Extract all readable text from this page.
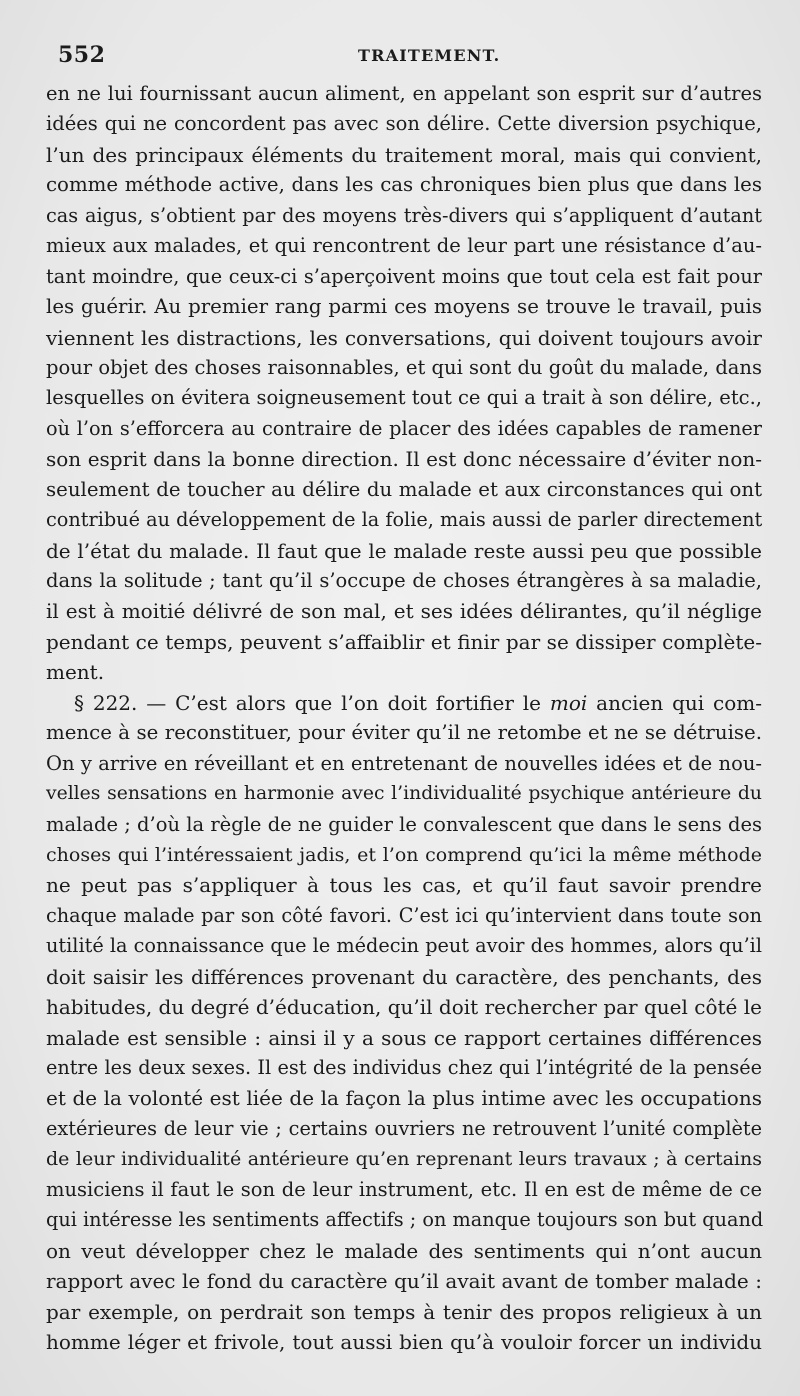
552	TRAITEMENT.
en ne lui fournissant aucun aliment, en appelant son esprit sur d’autres
idées qui ne concordent pas avec son délire. Cette diversion psychique,
l’un des principaux éléments du traitement moral, mais qui convient,
comme méthode active, dans les cas chroniques bien plus que dans les
cas aigus, s’obtient par des moyens très-divers qui s’appliquent d’autant
mieux aux malades, et qui rencontrent de leur part une résistance d’au-
tant moindre, que ceux-ci s’aperçoivent moins que tout cela est fait pour
les guérir. Au premier rang parmi ces moyens se trouve le travail, puis
viennent les distractions, les conversations, qui doivent toujours avoir
pour objet des choses raisonnables, et qui sont du goût du malade, dans
lesquelles on évitera soigneusement tout ce qui a trait à son délire, etc.,
où l’on s’efforcera au contraire de placer des idées capables de ramener
son esprit dans la bonne direction. Il est donc nécessaire d’éviter non-
seulement de toucher au délire du malade et aux circonstances qui ont
contribué au développement de la folie, mais aussi de parler directement
de l’état du malade. Il faut que le malade reste aussi peu que possible
dans la solitude ; tant qu’il s’occupe de choses étrangères à sa maladie,
il est à moitié délivré de son mal, et ses idées délirantes, qu’il néglige
pendant ce temps, peuvent s’affaiblir et finir par se dissiper complète-
ment.
§ 222. — C’est alors que l’on doit fortifier le moi ancien qui com-
mence à se reconstituer, pour éviter qu’il ne retombe et ne se détruise.
On y arrive en réveillant et en entretenant de nouvelles idées et de nou-
velles sensations en harmonie avec l’individualité psychique antérieure du
malade ; d’où la règle de ne guider le convalescent que dans le sens des
choses qui l’intéressaient jadis, et l’on comprend qu’ici la même méthode
ne peut pas s’appliquer à tous les cas, et qu’il faut savoir prendre
chaque malade par son côté favori. C’est ici qu’intervient dans toute son
utilité la connaissance que le médecin peut avoir des hommes, alors qu’il
doit saisir les différences provenant du caractère, des penchants, des
habitudes, du degré d’éducation, qu’il doit rechercher par quel côté le
malade est sensible : ainsi il y a sous ce rapport certaines différences
entre les deux sexes. Il est des individus chez qui l’intégrité de la pensée
et de la volonté est liée de la façon la plus intime avec les occupations
extérieures de leur vie ; certains ouvriers ne retrouvent l’unité complète
de leur individualité antérieure qu’en reprenant leurs travaux ; à certains
musiciens il faut le son de leur instrument, etc. Il en est de même de ce
qui intéresse les sentiments affectifs ; on manque toujours son but quand
on veut développer chez le malade des sentiments qui n’ont aucun
rapport avec le fond du caractère qu’il avait avant de tomber malade :
par exemple, on perdrait son temps à tenir des propos religieux à un
homme léger et frivole, tout aussi bien qu’à vouloir forcer un individu
